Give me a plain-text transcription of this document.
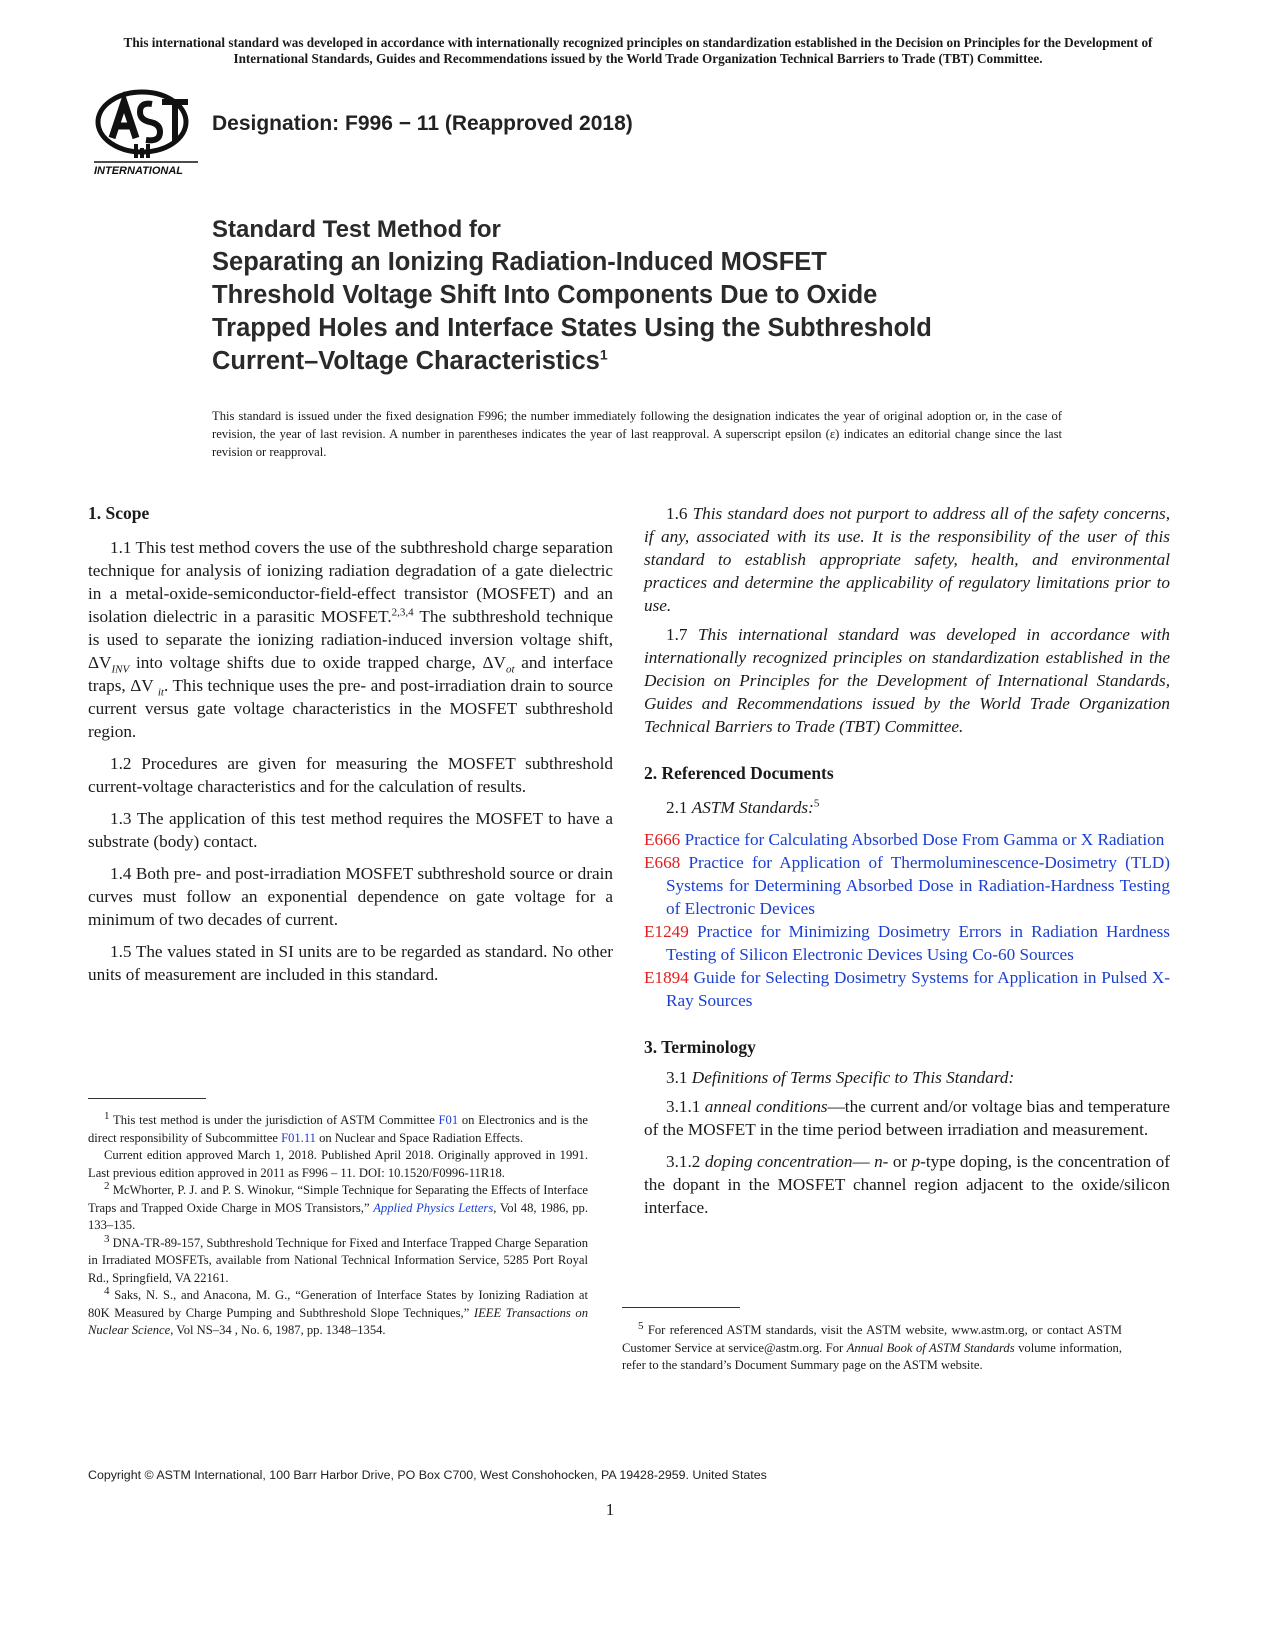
This international standard was developed in accordance with internationally recognized principles on standardization established in the Decision on Principles for the Development of International Standards, Guides and Recommendations issued by the World Trade Organization Technical Barriers to Trade (TBT) Committee.
INTERNATIONAL
Designation: F996 − 11 (Reapproved 2018)
Standard Test Method for
Separating an Ionizing Radiation-Induced MOSFET
Threshold Voltage Shift Into Components Due to Oxide
Trapped Holes and Interface States Using the Subthreshold
Current–Voltage Characteristics$^1$
This standard is issued under the fixed designation F996; the number immediately following the designation indicates the year of original adoption or, in the case of revision, the year of last revision. A number in parentheses indicates the year of last reapproval. A superscript epsilon (ε) indicates an editorial change since the last revision or reapproval.
1. Scope

1.1 This test method covers the use of the subthreshold charge separation technique for analysis of ionizing radiation degradation of a gate dielectric in a metal-oxide-semiconductor-field-effect transistor (MOSFET) and an isolation dielectric in a parasitic MOSFET.$^{2,3,4}$ The subthreshold technique is used to separate the ionizing radiation-induced inversion voltage shift, $\Delta V_{INV}$ into voltage shifts due to oxide trapped charge, $\Delta V_{ot}$ and interface traps, ΔV $_{it}$. This technique uses the pre- and post-irradiation drain to source current versus gate voltage characteristics in the MOSFET subthreshold region.

1.2 Procedures are given for measuring the MOSFET subthreshold current-voltage characteristics and for the calculation of results.

1.3 The application of this test method requires the MOSFET to have a substrate (body) contact.

1.4 Both pre- and post-irradiation MOSFET subthreshold source or drain curves must follow an exponential dependence on gate voltage for a minimum of two decades of current.

1.5 The values stated in SI units are to be regarded as standard. No other units of measurement are included in this standard.

1.6 This standard does not purport to address all of the safety concerns, if any, associated with its use. It is the responsibility of the user of this standard to establish appropriate safety, health, and environmental practices and determine the applicability of regulatory limitations prior to use.

1.7 This international standard was developed in accordance with internationally recognized principles on standardization established in the Decision on Principles for the Development of International Standards, Guides and Recommendations issued by the World Trade Organization Technical Barriers to Trade (TBT) Committee.

2. Referenced Documents

2.1 ASTM Standards:$^5$

E666 Practice for Calculating Absorbed Dose From Gamma or X Radiation
E668 Practice for Application of Thermoluminescence-Dosimetry (TLD) Systems for Determining Absorbed Dose in Radiation-Hardness Testing of Electronic Devices
E1249 Practice for Minimizing Dosimetry Errors in Radiation Hardness Testing of Silicon Electronic Devices Using Co-60 Sources
E1894 Guide for Selecting Dosimetry Systems for Application in Pulsed X-Ray Sources
3. Terminology

3.1 Definitions of Terms Specific to This Standard:

3.1.1 anneal conditions—the current and/or voltage bias and temperature of the MOSFET in the time period between irradiation and measurement.

3.1.2 doping concentration— n- or p-type doping, is the concentration of the dopant in the MOSFET channel region adjacent to the oxide/silicon interface.

$^1$ This test method is under the jurisdiction of ASTM Committee F01 on Electronics and is the direct responsibility of Subcommittee F01.11 on Nuclear and Space Radiation Effects.

Current edition approved March 1, 2018. Published April 2018. Originally approved in 1991. Last previous edition approved in 2011 as F996 – 11. DOI: 10.1520/F0996-11R18.

$^2$ McWhorter, P. J. and P. S. Winokur, “Simple Technique for Separating the Effects of Interface Traps and Trapped Oxide Charge in MOS Transistors,” Applied Physics Letters, Vol 48, 1986, pp. 133–135.

$^3$ DNA-TR-89-157, Subthreshold Technique for Fixed and Interface Trapped Charge Separation in Irradiated MOSFETs, available from National Technical Information Service, 5285 Port Royal Rd., Springfield, VA 22161.

$^4$ Saks, N. S., and Anacona, M. G., “Generation of Interface States by Ionizing Radiation at 80K Measured by Charge Pumping and Subthreshold Slope Techniques,” IEEE Transactions on Nuclear Science, Vol NS–34 , No. 6, 1987, pp. 1348–1354.	$^5$ For referenced ASTM standards, visit the ASTM website, www.astm.org, or contact ASTM Customer Service at service@astm.org. For Annual Book of ASTM Standards volume information, refer to the standard’s Document Summary page on the ASTM website.

Copyright © ASTM International, 100 Barr Harbor Drive, PO Box C700, West Conshohocken, PA 19428-2959. United States
1
